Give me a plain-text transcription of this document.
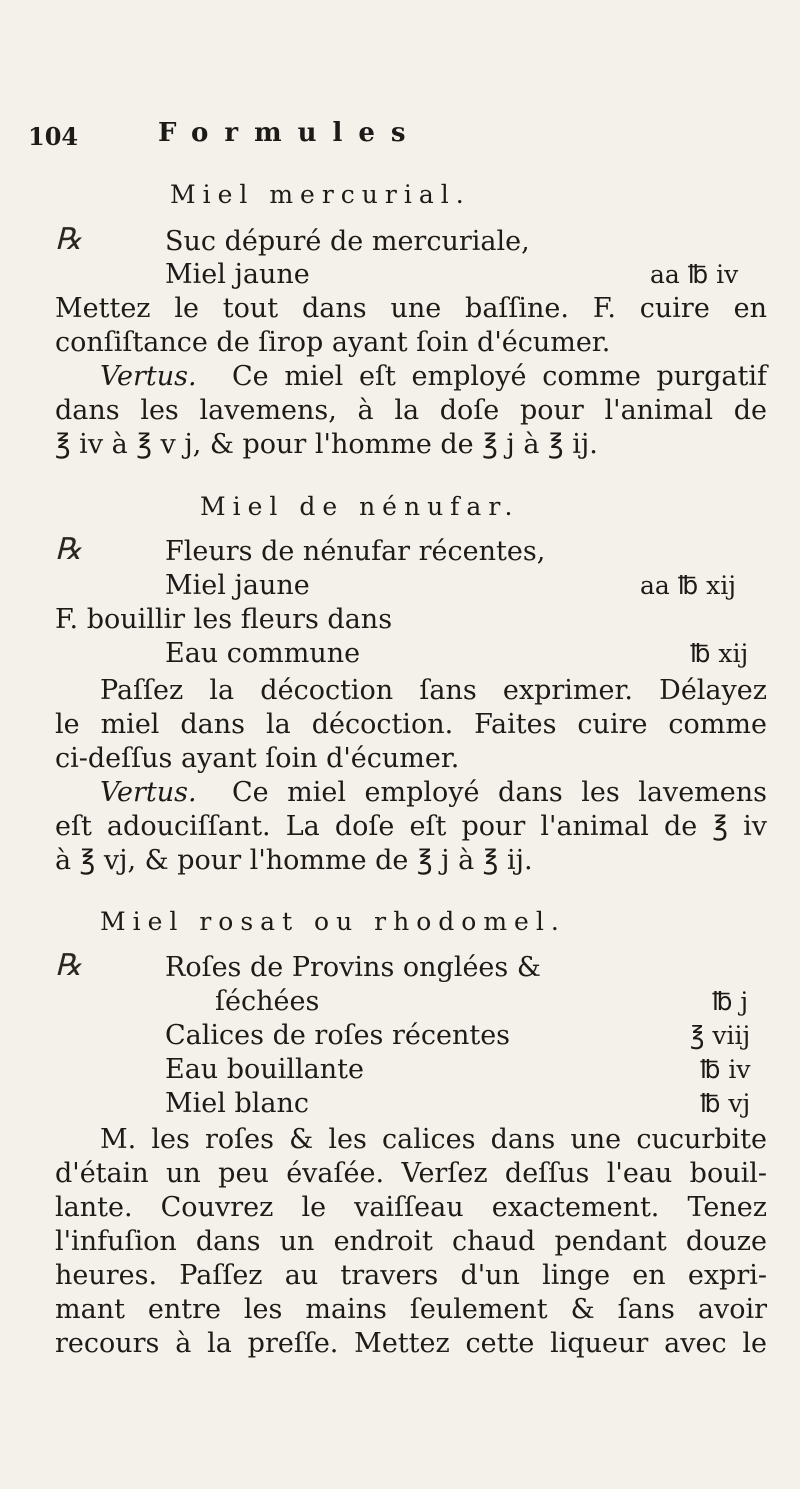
104	Formules
Miel mercurial.
℞	Suc dépuré de mercuriale,
Miel jaune	aa ℔ iv
Mettez le tout dans une baſſine. F. cuire en
conſiſtance de ſirop ayant ſoin d'écumer.
Vertus. Ce miel eſt employé comme purgatif
dans les lavemens, à la doſe pour l'animal de
℥ iv à ℥ v j, & pour l'homme de ℥ j à ℥ ij.
Miel de nénufar.
℞	Fleurs de nénufar récentes,
Miel jaune	aa ℔ xij
F. bouillir les fleurs dans
Eau commune	℔ xij
Paſſez la décoction ſans exprimer. Délayez
le miel dans la décoction. Faites cuire comme
ci-deſſus ayant ſoin d'écumer.
Vertus. Ce miel employé dans les lavemens
eſt adouciſſant. La doſe eſt pour l'animal de ℥ iv
à ℥ vj, & pour l'homme de ℥ j à ℥ ij.
Miel rosat ou rhodomel.
℞	Roſes de Provins onglées &
ſéchées	℔ j
Calices de roſes récentes	℥ viij
Eau bouillante	℔ iv
Miel blanc	℔ vj
M. les roſes & les calices dans une cucurbite
d'étain un peu évaſée. Verſez deſſus l'eau bouil-
lante. Couvrez le vaiſſeau exactement. Tenez
l'infuſion dans un endroit chaud pendant douze
heures. Paſſez au travers d'un linge en expri-
mant entre les mains ſeulement & ſans avoir
recours à la preſſe. Mettez cette liqueur avec le
